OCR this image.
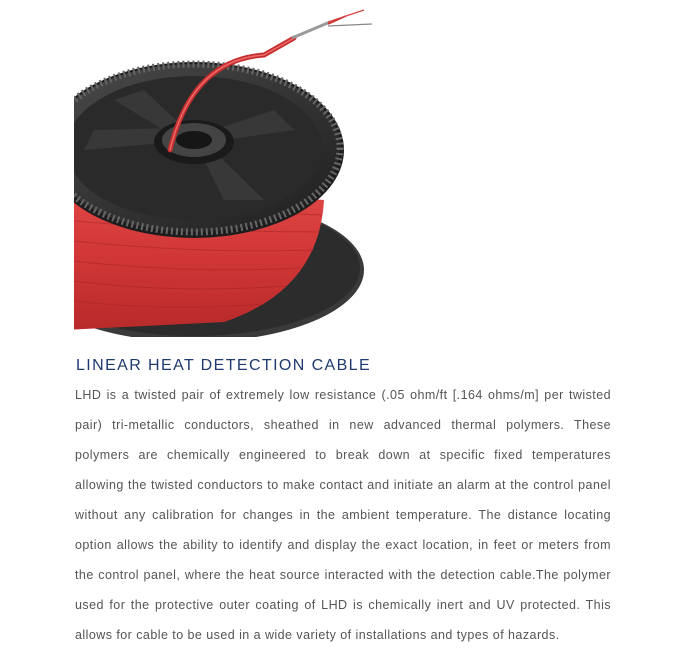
LINEAR HEAT DETECTION CABLE

LHD is a twisted pair of extremely low resistance (.05 ohm/ft [.164 ohms/m] per twisted pair) tri-metallic conductors, sheathed in new advanced thermal polymers. These polymers are chemically engineered to break down at specific fixed temperatures allowing the twisted conductors to make contact and initiate an alarm at the control panel without any calibration for changes in the ambient temperature. The distance locating option allows the ability to identify and display the exact location, in feet or meters from the control panel, where the heat source interacted with the detection cable.The polymer used for the protective outer coating of LHD is chemically inert and UV protected. This allows for cable to be used in a wide variety of installations and types of hazards.
